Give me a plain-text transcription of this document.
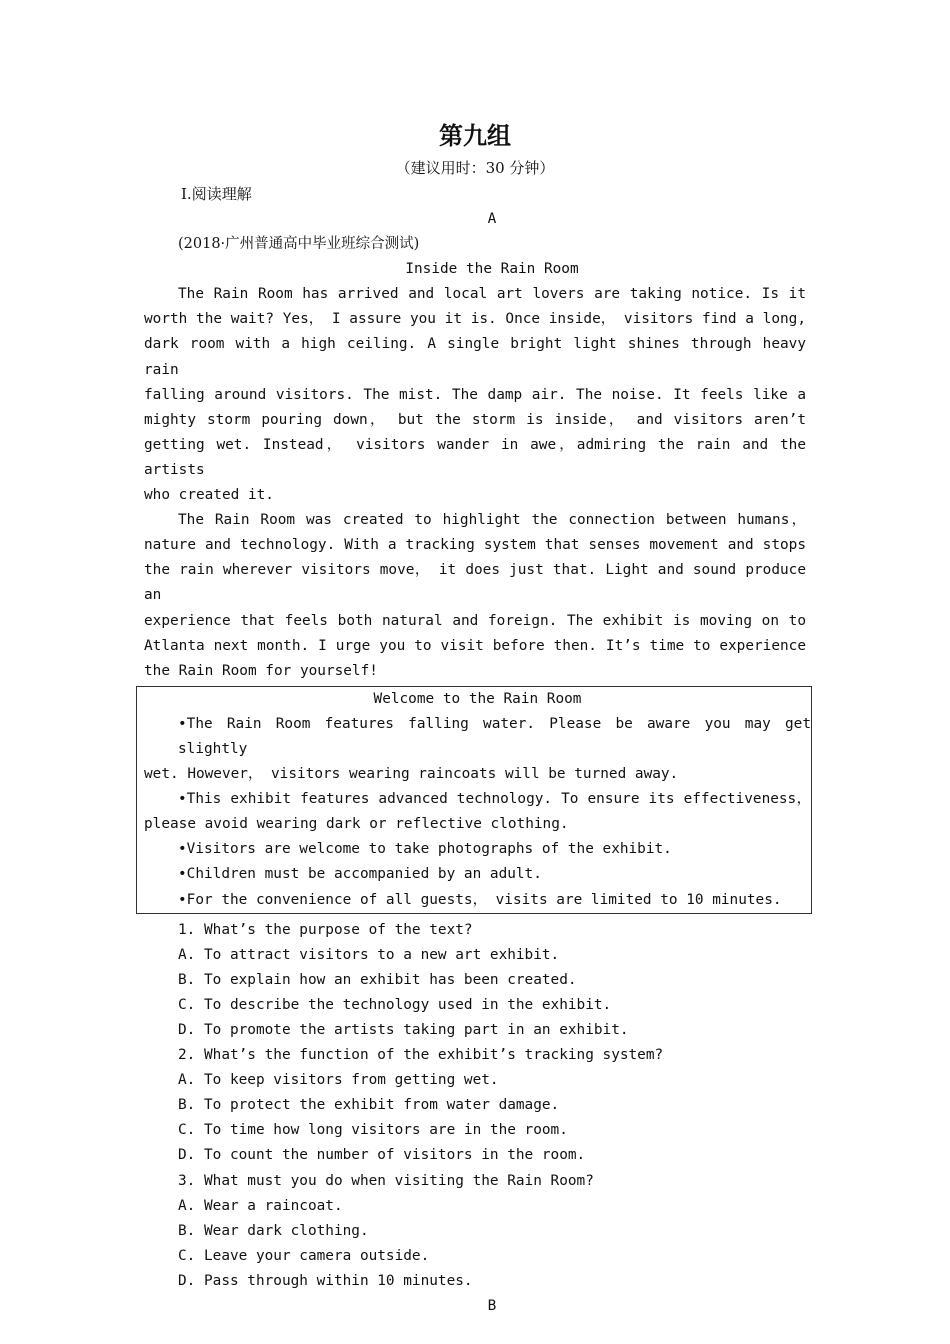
第九组
（建议用时：30 分钟）
Ⅰ.阅读理解
A
(2018·广州普通高中毕业班综合测试)
Inside the Rain Room
The Rain Room has arrived and local art lovers are taking notice. Is it
worth the wait? Yes， I assure you it is. Once inside， visitors find a long,
dark room with a high ceiling. A single bright light shines through heavy rain
falling around visitors. The mist. The damp air. The noise. It feels like a
mighty storm pouring down， but the storm is inside， and visitors aren’t
getting wet. Instead， visitors wander in awe，admiring the rain and the artists
who created it.
The Rain Room was created to highlight the connection between humans，
nature and technology. With a tracking system that senses movement and stops
the rain wherever visitors move， it does just that. Light and sound produce an
experience that feels both natural and foreign. The exhibit is moving on to
Atlanta next month. I urge you to visit before then. It’s time to experience
the Rain Room for yourself!
Welcome to the Rain Room
•The Rain Room features falling water. Please be aware you may get slightly
wet. However， visitors wearing raincoats will be turned away.
•This exhibit features advanced technology. To ensure its effectiveness，
please avoid wearing dark or reflective clothing.
•Visitors are welcome to take photographs of the exhibit.
•Children must be accompanied by an adult.
•For the convenience of all guests， visits are limited to 10 minutes.
1. What’s the purpose of the text?
A. To attract visitors to a new art exhibit.
B. To explain how an exhibit has been created.
C. To describe the technology used in the exhibit.
D. To promote the artists taking part in an exhibit.
2. What’s the function of the exhibit’s tracking system?
A. To keep visitors from getting wet.
B. To protect the exhibit from water damage.
C. To time how long visitors are in the room.
D. To count the number of visitors in the room.
3. What must you do when visiting the Rain Room?
A. Wear a raincoat.
B. Wear dark clothing.
C. Leave your camera outside.
D. Pass through within 10 minutes.
B
